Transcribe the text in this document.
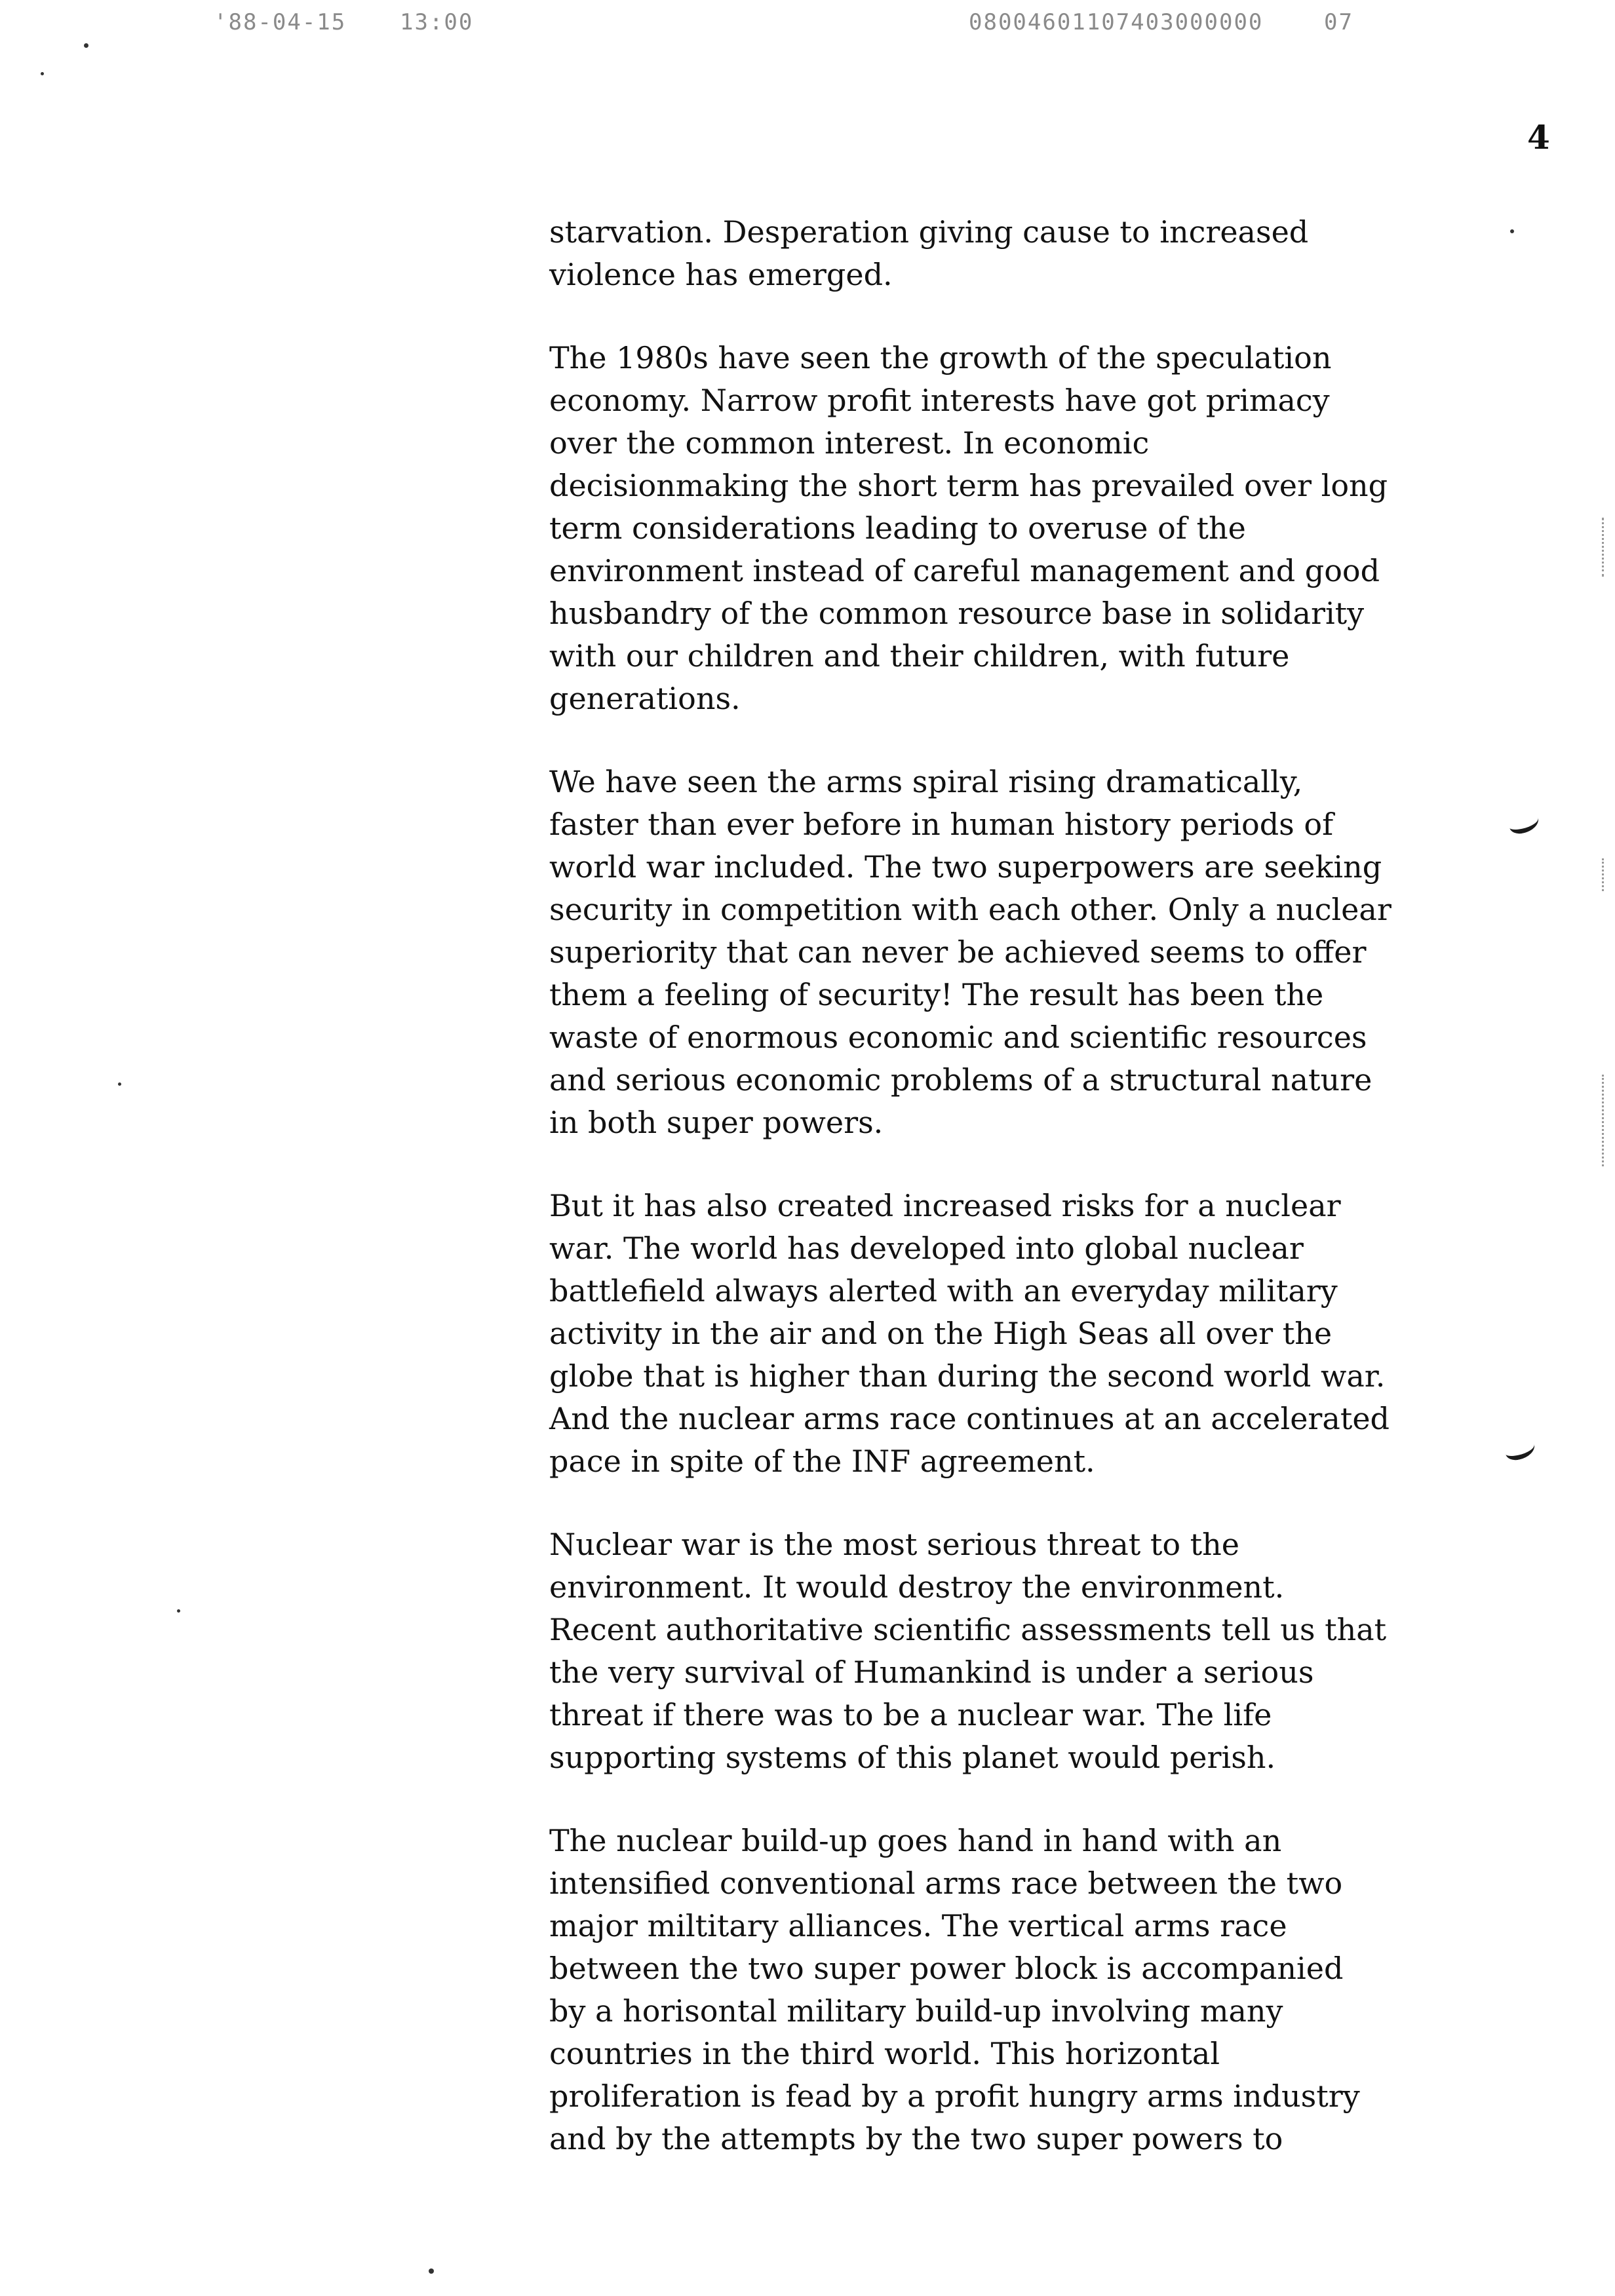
'88-04-15 13:00	08004601107403000000	07
4
starvation. Desperation giving cause to increased
violence has emerged.
The 1980s have seen the growth of the speculation
economy. Narrow profit interests have got primacy
over the common interest. In economic
decisionmaking the short term has prevailed over long
term considerations leading to overuse of the
environment instead of careful management and good
husbandry of the common resource base in solidarity
with our children and their children, with future
generations.
We have seen the arms spiral rising dramatically,
faster than ever before in human history periods of
world war included. The two superpowers are seeking
security in competition with each other. Only a nuclear
superiority that can never be achieved seems to offer
them a feeling of security! The result has been the
waste of enormous economic and scientific resources
and serious economic problems of a structural nature
in both super powers.
But it has also created increased risks for a nuclear
war. The world has developed into global nuclear
battlefield always alerted with an everyday military
activity in the air and on the High Seas all over the
globe that is higher than during the second world war.
And the nuclear arms race continues at an accelerated
pace in spite of the INF agreement.
Nuclear war is the most serious threat to the
environment. It would destroy the environment.
Recent authoritative scientific assessments tell us that
the very survival of Humankind is under a serious
threat if there was to be a nuclear war. The life
supporting systems of this planet would perish.
The nuclear build-up goes hand in hand with an
intensified conventional arms race between the two
major miltitary alliances. The vertical arms race
between the two super power block is accompanied
by a horisontal military build-up involving many
countries in the third world. This horizontal
proliferation is fead by a profit hungry arms industry
and by the attempts by the two super powers to
